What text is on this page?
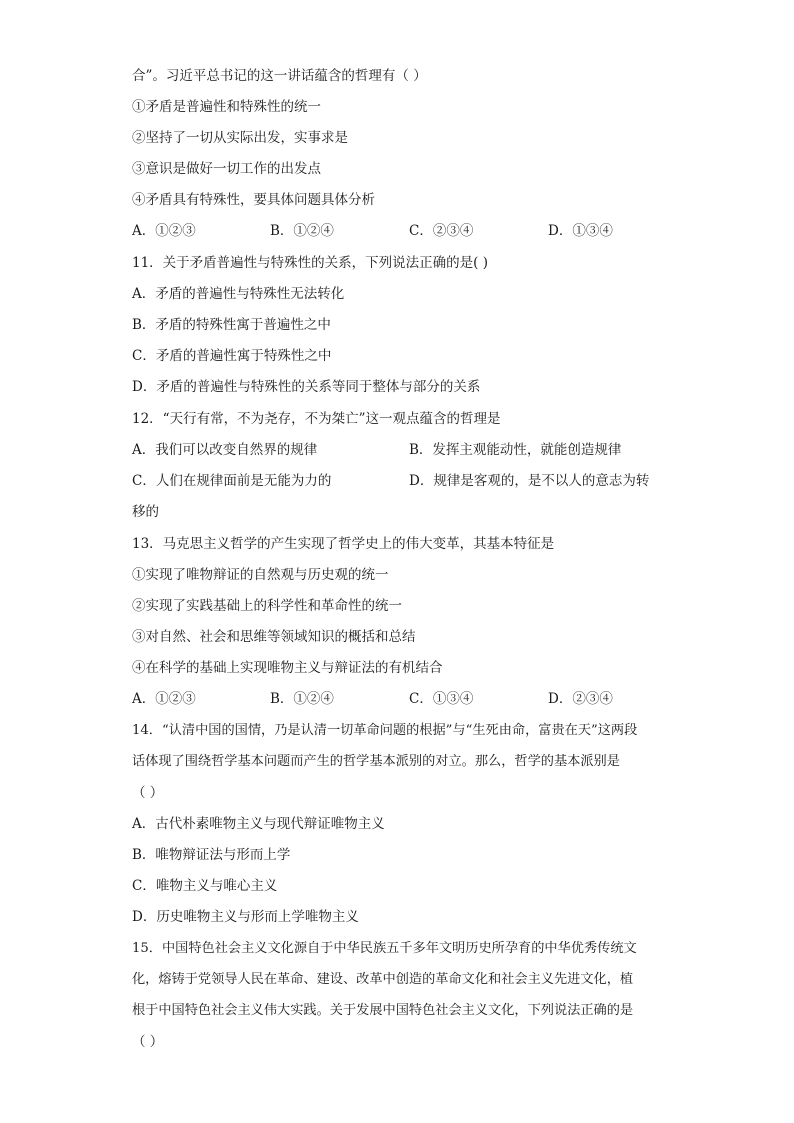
合”。习近平总书记的这一讲话蕴含的哲理有（ ）
①矛盾是普遍性和特殊性的统一
②坚持了一切从实际出发，实事求是
③意识是做好一切工作的出发点
④矛盾具有特殊性，要具体问题具体分析
A．①②③	B．①②④	C．②③④	D．①③④
11．关于矛盾普遍性与特殊性的关系，下列说法正确的是( )
A．矛盾的普遍性与特殊性无法转化
B．矛盾的特殊性寓于普遍性之中
C．矛盾的普遍性寓于特殊性之中
D．矛盾的普遍性与特殊性的关系等同于整体与部分的关系
12．“天行有常，不为尧存，不为桀亡”这一观点蕴含的哲理是
A．我们可以改变自然界的规律	B．发挥主观能动性，就能创造规律
C．人们在规律面前是无能为力的	D．规律是客观的，是不以人的意志为转
移的
13．马克思主义哲学的产生实现了哲学史上的伟大变革，其基本特征是
①实现了唯物辩证的自然观与历史观的统一
②实现了实践基础上的科学性和革命性的统一
③对自然、社会和思维等领域知识的概括和总结
④在科学的基础上实现唯物主义与辩证法的有机结合
A．①②③	B．①②④	C．①③④	D．②③④
14．“认清中国的国情，乃是认清一切革命问题的根据”与“生死由命，富贵在天”这两段
话体现了围绕哲学基本问题而产生的哲学基本派别的对立。那么，哲学的基本派别是
（ ）
A．古代朴素唯物主义与现代辩证唯物主义
B．唯物辩证法与形而上学
C．唯物主义与唯心主义
D．历史唯物主义与形而上学唯物主义
15．中国特色社会主义文化源自于中华民族五千多年文明历史所孕育的中华优秀传统文
化，熔铸于党领导人民在革命、建设、改革中创造的革命文化和社会主义先进文化，植
根于中国特色社会主义伟大实践。关于发展中国特色社会主义文化，下列说法正确的是
（ ）
